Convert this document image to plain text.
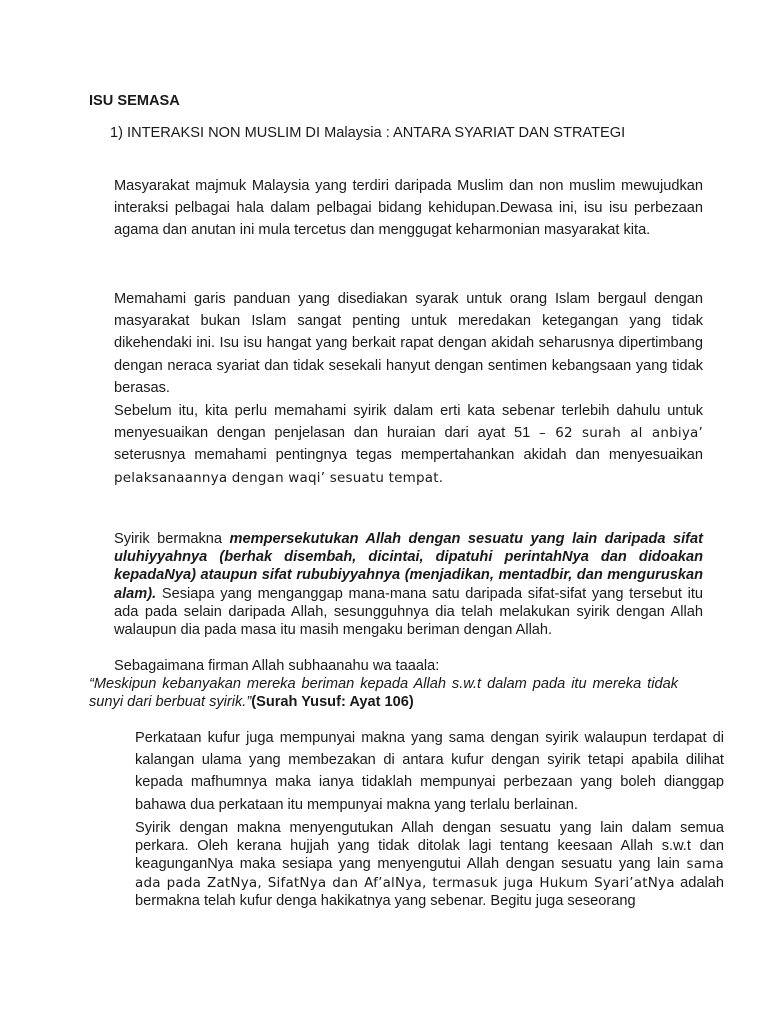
ISU SEMASA
1) INTERAKSI NON MUSLIM DI Malaysia : ANTARA SYARIAT DAN STRATEGI
Masyarakat majmuk Malaysia yang terdiri daripada Muslim dan non muslim mewujudkan interaksi pelbagai hala dalam pelbagai bidang kehidupan.Dewasa ini, isu isu perbezaan agama dan anutan ini mula tercetus dan menggugat keharmonian masyarakat kita.
Memahami garis panduan yang disediakan syarak untuk orang Islam bergaul dengan masyarakat bukan Islam sangat penting untuk meredakan ketegangan yang tidak dikehendaki ini. Isu isu hangat yang berkait rapat dengan akidah seharusnya dipertimbang dengan neraca syariat dan tidak sesekali hanyut dengan sentimen kebangsaan yang tidak berasas.
Sebelum itu, kita perlu memahami syirik dalam erti kata sebenar terlebih dahulu untuk menyesuaikan dengan penjelasan dan huraian dari ayat 51 – 62 surah al anbiya’ seterusnya memahami pentingnya tegas mempertahankan akidah dan menyesuaikan pelaksanaannya dengan waqi’ sesuatu tempat.
Syirik bermakna mempersekutukan Allah dengan sesuatu yang lain daripada sifat uluhiyyahnya (berhak disembah, dicintai, dipatuhi perintahNya dan didoakan kepadaNya) ataupun sifat rububiyyahnya (menjadikan, mentadbir, dan menguruskan alam). Sesiapa yang menganggap mana-mana satu daripada sifat-sifat yang tersebut itu ada pada selain daripada Allah, sesungguhnya dia telah melakukan syirik dengan Allah walaupun dia pada masa itu masih mengaku beriman dengan Allah.
Sebagaimana firman Allah subhaanahu wa taaala:
“Meskipun kebanyakan mereka beriman kepada Allah s.w.t dalam pada itu mereka tidak sunyi dari berbuat syirik.”(Surah Yusuf: Ayat 106)
Perkataan kufur juga mempunyai makna yang sama dengan syirik walaupun terdapat di kalangan ulama yang membezakan di antara kufur dengan syirik tetapi apabila dilihat kepada mafhumnya maka ianya tidaklah mempunyai perbezaan yang boleh dianggap bahawa dua perkataan itu mempunyai makna yang terlalu berlainan.
Syirik dengan makna menyengutukan Allah dengan sesuatu yang lain dalam semua perkara. Oleh kerana hujjah yang tidak ditolak lagi tentang keesaan Allah s.w.t dan keagunganNya maka sesiapa yang menyengutui Allah dengan sesuatu yang lain sama ada pada ZatNya, SifatNya dan Af’alNya, termasuk juga Hukum Syari’atNya adalah bermakna telah kufur denga hakikatnya yang sebenar. Begitu juga seseorang
